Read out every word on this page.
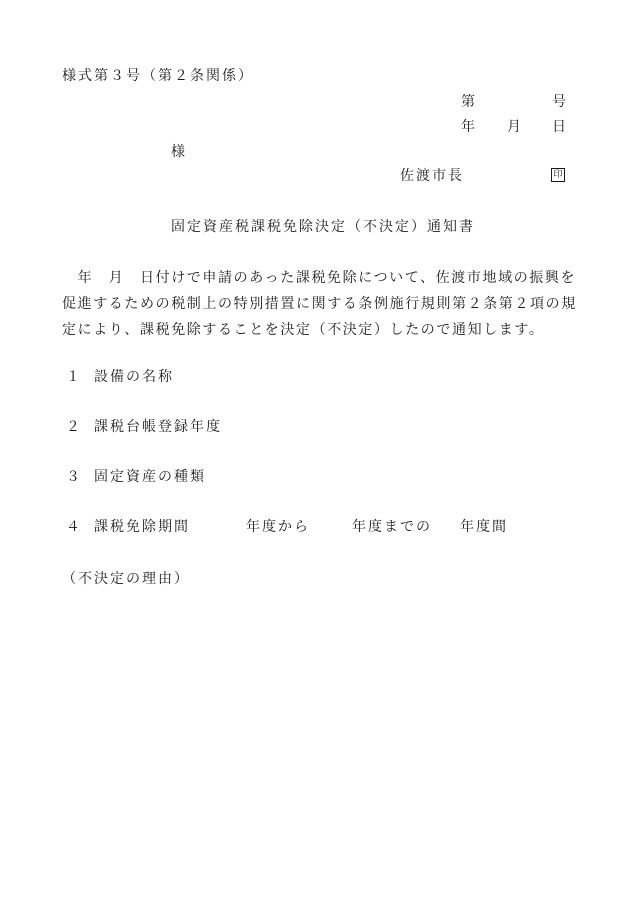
様式第３号（第２条関係）
第	号
年 月 日
様
佐渡市長	印
固定資産税課税免除決定（不決定）通知書
　年　月　日付けで申請のあった課税免除について、佐渡市地域の振興を
促進するための税制上の特別措置に関する条例施行規則第２条第２項の規
定により、課税免除することを決定（不決定）したので通知します。
１ 設備の名称
２ 課税台帳登録年度
３ 固定資産の種類
４ 課税免除期間	年度から	年度までの 年度間
（不決定の理由）
